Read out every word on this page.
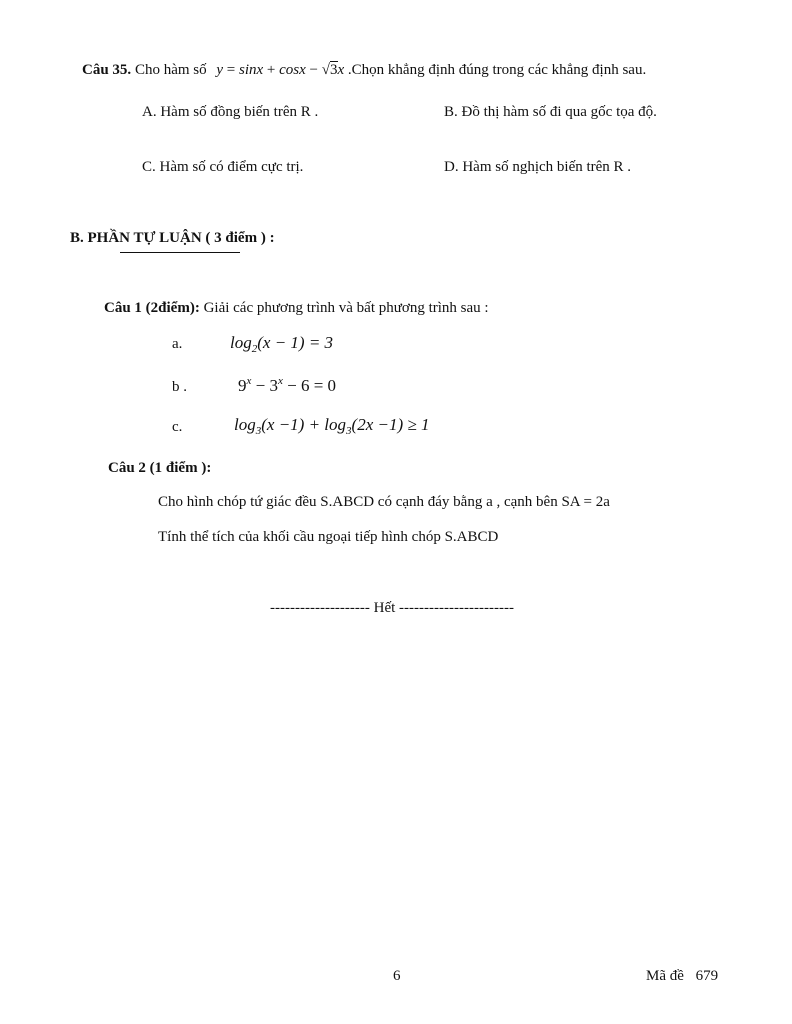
Câu 35. Cho hàm số y = sinx + cosx − √3x .Chọn khẳng định đúng trong các khẳng định sau.
A. Hàm số đồng biến trên R .	B. Đồ thị hàm số đi qua gốc tọa độ.
C. Hàm số có điểm cực trị.	D. Hàm số nghịch biến trên R .
B. PHẦN TỰ LUẬN ( 3 điểm ) :
Câu 1 (2điểm): Giải các phương trình và bất phương trình sau :
a.	$\log_2(x - 1) = 3$
b .	$9^x - 3^x - 6 = 0$
c.	$\log_3(x -1) + \log_3(2x -1) \ge 1$
Câu 2 (1 điểm ):
Cho hình chóp tứ giác đều S.ABCD có cạnh đáy bằng a , cạnh bên SA = 2a
Tính thể tích của khối cầu ngoại tiếp hình chóp S.ABCD
-------------------- Hết -----------------------
6	Mã đề 679
